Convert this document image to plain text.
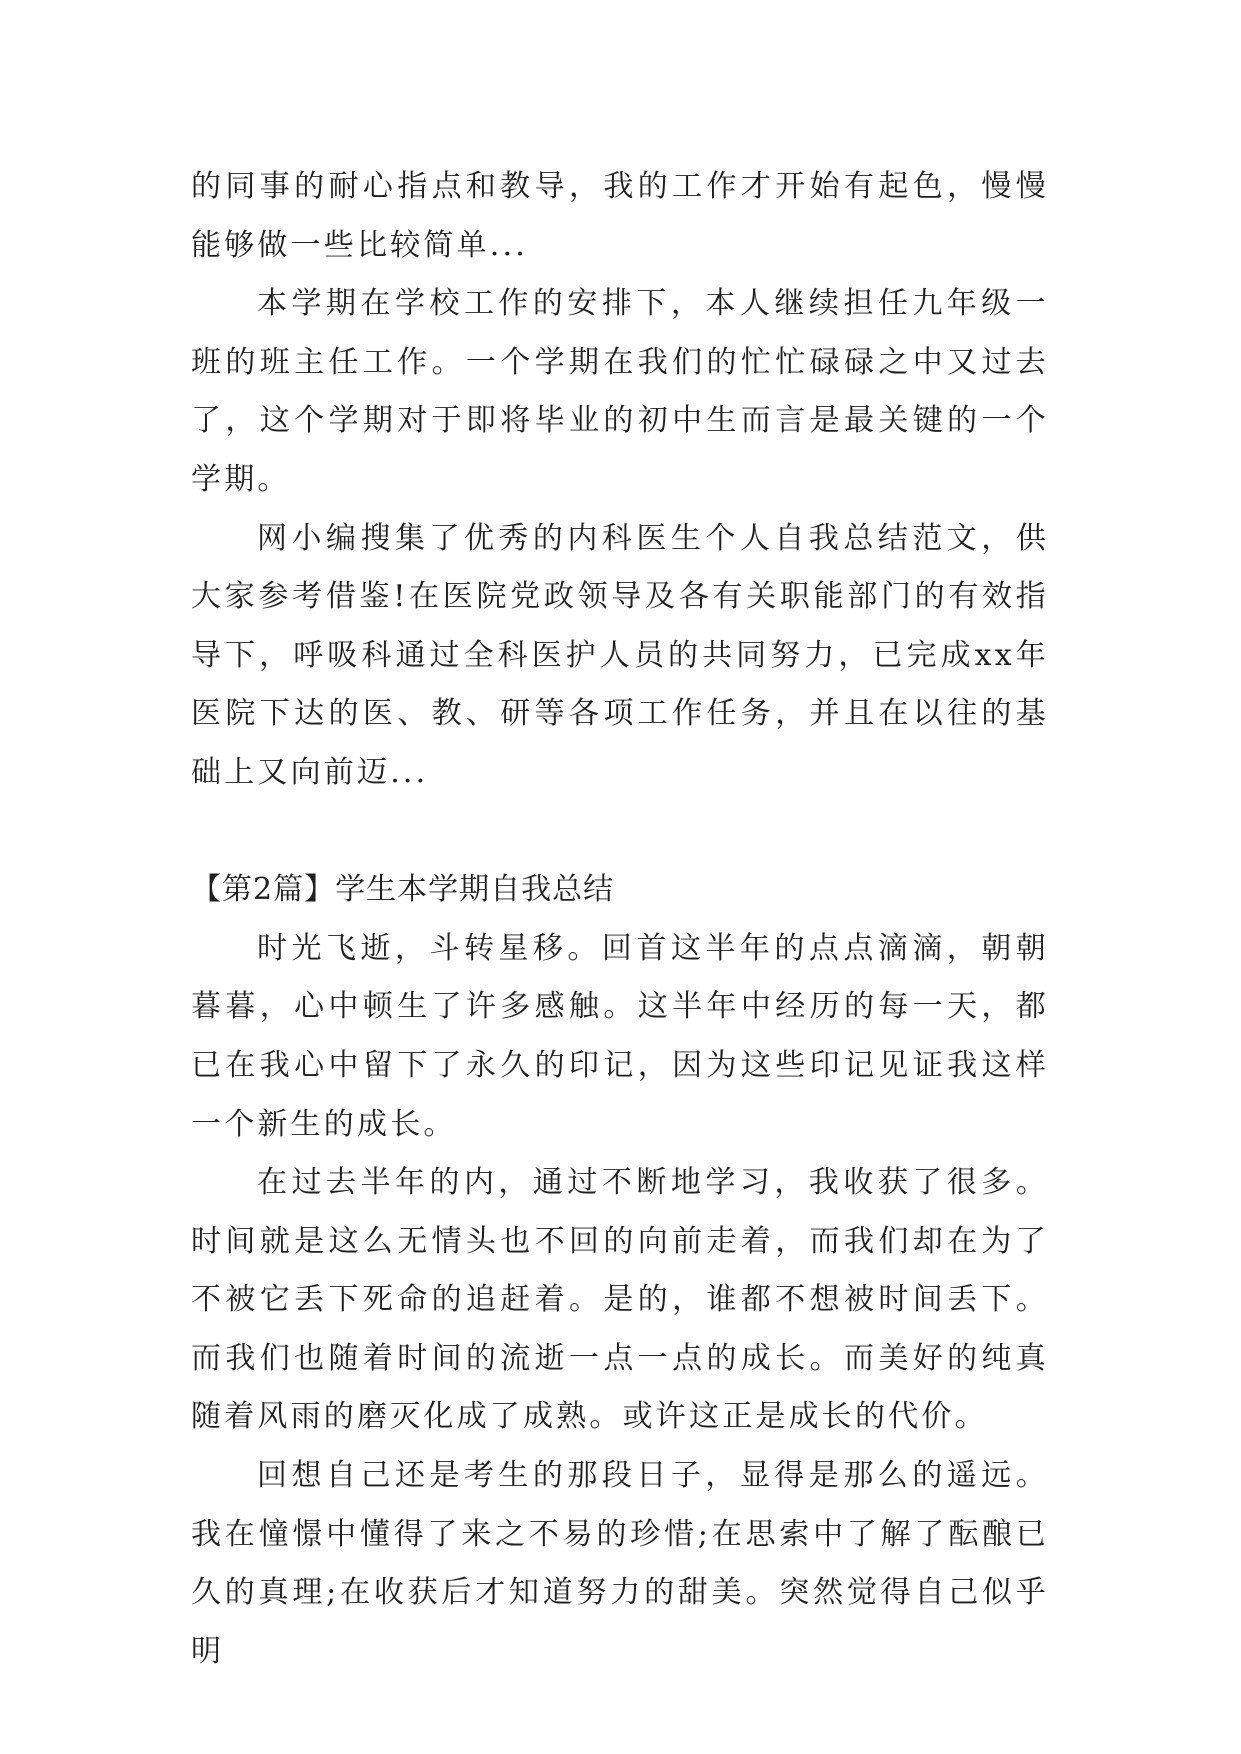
的同事的耐心指点和教导，我的工作才开始有起色，慢慢能够做一些比较简单...

本学期在学校工作的安排下，本人继续担任九年级一班的班主任工作。一个学期在我们的忙忙碌碌之中又过去了，这个学期对于即将毕业的初中生而言是最关键的一个学期。

网小编搜集了优秀的内科医生个人自我总结范文，供大家参考借鉴!在医院党政领导及各有关职能部门的有效指导下，呼吸科通过全科医护人员的共同努力，已完成xx年医院下达的医、教、研等各项工作任务，并且在以往的基础上又向前迈...

【第2篇】学生本学期自我总结

时光飞逝，斗转星移。回首这半年的点点滴滴，朝朝暮暮，心中顿生了许多感触。这半年中经历的每一天，都已在我心中留下了永久的印记，因为这些印记见证我这样一个新生的成长。

在过去半年的内，通过不断地学习，我收获了很多。时间就是这么无情头也不回的向前走着，而我们却在为了不被它丢下死命的追赶着。是的，谁都不想被时间丢下。而我们也随着时间的流逝一点一点的成长。而美好的纯真随着风雨的磨灭化成了成熟。或许这正是成长的代价。

回想自己还是考生的那段日子，显得是那么的遥远。我在憧憬中懂得了来之不易的珍惜;在思索中了解了酝酿已久的真理;在收获后才知道努力的甜美。突然觉得自己似乎明
